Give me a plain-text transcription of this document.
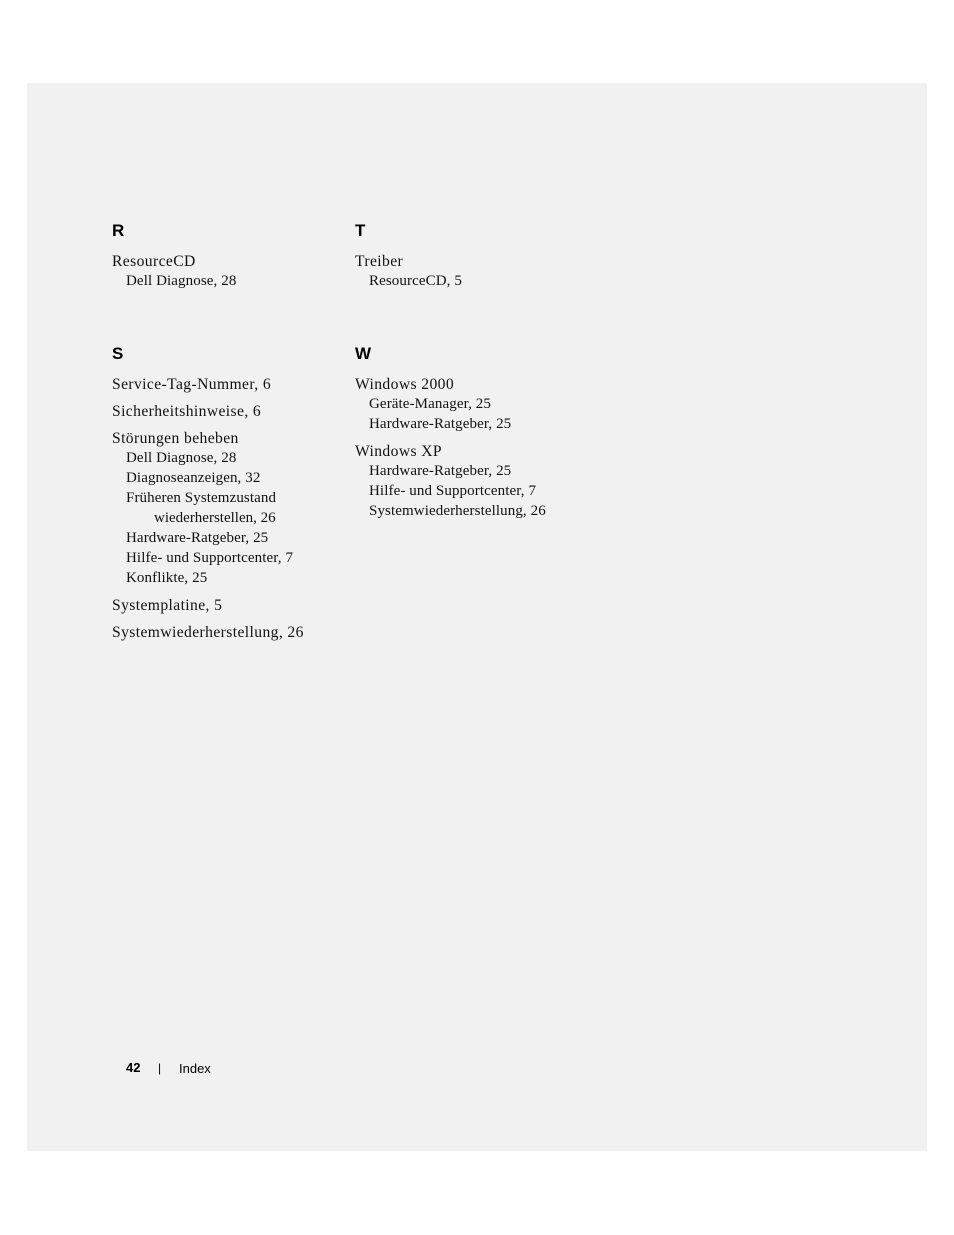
R
ResourceCD
Dell Diagnose, 28
S
Service-Tag-Nummer, 6
Sicherheitshinweise, 6
Störungen beheben
Dell Diagnose, 28
Diagnoseanzeigen, 32
Früheren Systemzustand
wiederherstellen, 26
Hardware-Ratgeber, 25
Hilfe- und Supportcenter, 7
Konflikte, 25
Systemplatine, 5
Systemwiederherstellung, 26
T
Treiber
ResourceCD, 5
W
Windows 2000
Geräte-Manager, 25
Hardware-Ratgeber, 25
Windows XP
Hardware-Ratgeber, 25
Hilfe- und Supportcenter, 7
Systemwiederherstellung, 26
42 | Index
